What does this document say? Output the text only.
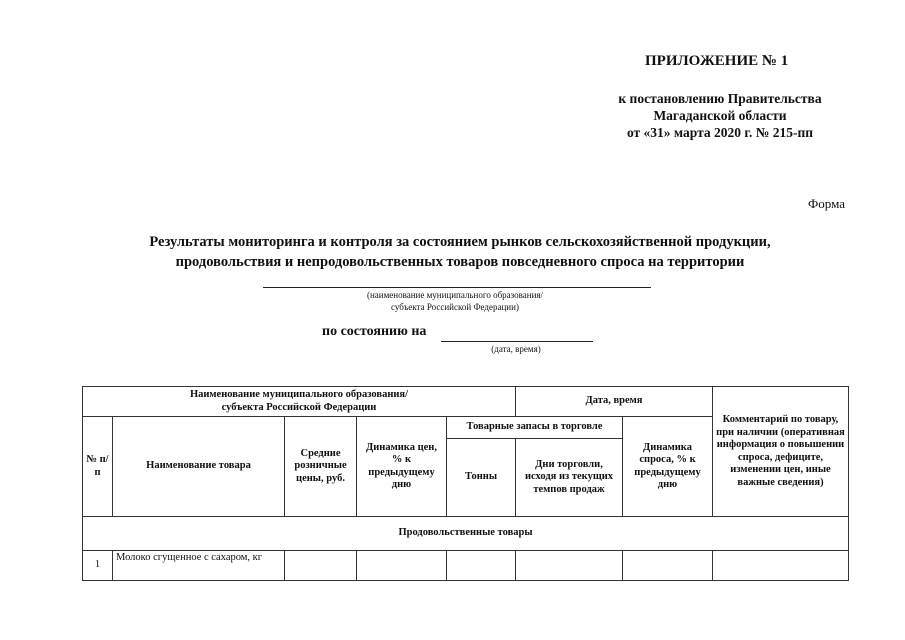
ПРИЛОЖЕНИЕ № 1
к постановлению Правительства
Магаданской области
от «31» марта 2020 г. № 215-пп
Форма
Результаты мониторинга и контроля за состоянием рынков сельскохозяйственной продукции,
продовольствия и непродовольственных товаров повседневного спроса на территории
(наименование муниципального образования/
субъекта Российской Федерации)
по состоянию на
(дата, время)
Наименование муниципального образования/ субъекта Российской Федерации					Дата, время		Комментарий по товару, при наличии (оперативная информация о повышении спроса, дефиците, изменении цен, иные важные сведения)
№ п/п	Наименование товара	Средние розничные цены, руб.	Динамика цен, % к предыдущему дню	Товарные запасы в торговле		Динамика спроса, % к предыдущему дню	
				Тонны	Дни торговли, исходя из текущих темпов продаж		
Продовольственные товары							
1	Молоко сгущенное с сахаром, кг						
